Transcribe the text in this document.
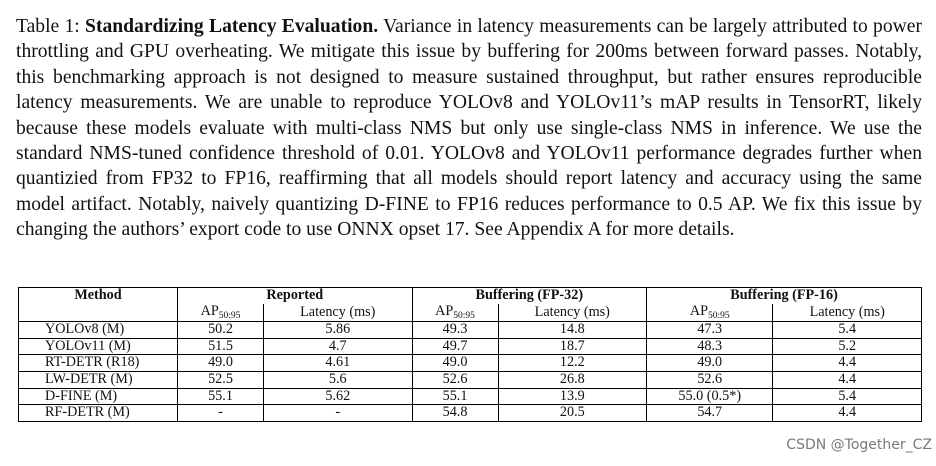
Table 1: Standardizing Latency Evaluation. Variance in latency measurements can be largely attributed to power throttling and GPU overheating. We mitigate this issue by buffering for 200ms between forward passes. Notably, this benchmarking approach is not designed to measure sustained throughput, but rather ensures reproducible latency measurements. We are unable to reproduce YOLOv8 and YOLOv11’s mAP results in TensorRT, likely because these models evaluate with multi-class NMS but only use single-class NMS in inference. We use the standard NMS-tuned confidence threshold of 0.01. YOLOv8 and YOLOv11 performance degrades further when quantizied from FP32 to FP16, reaffirming that all models should report latency and accuracy using the same model artifact. Notably, naively quantizing D-FINE to FP16 reduces performance to 0.5 AP. We fix this issue by changing the authors’ export code to use ONNX opset 17. See Appendix A for more details.
Method	Reported		Buffering (FP-32)		Buffering (FP-16)	
	$AP_{50:95}$	Latency (ms)	$AP_{50:95}$	Latency (ms)	$AP_{50:95}$	Latency (ms)
YOLOv8 (M)	50.2	5.86	49.3	14.8	47.3	5.4
YOLOv11 (M)	51.5	4.7	49.7	18.7	48.3	5.2
RT-DETR (R18)	49.0	4.61	49.0	12.2	49.0	4.4
LW-DETR (M)	52.5	5.6	52.6	26.8	52.6	4.4
D-FINE (M)	55.1	5.62	55.1	13.9	55.0 (0.5*)	5.4
RF-DETR (M)	-	-	54.8	20.5	54.7	4.4
CSDN @Together_CZ
